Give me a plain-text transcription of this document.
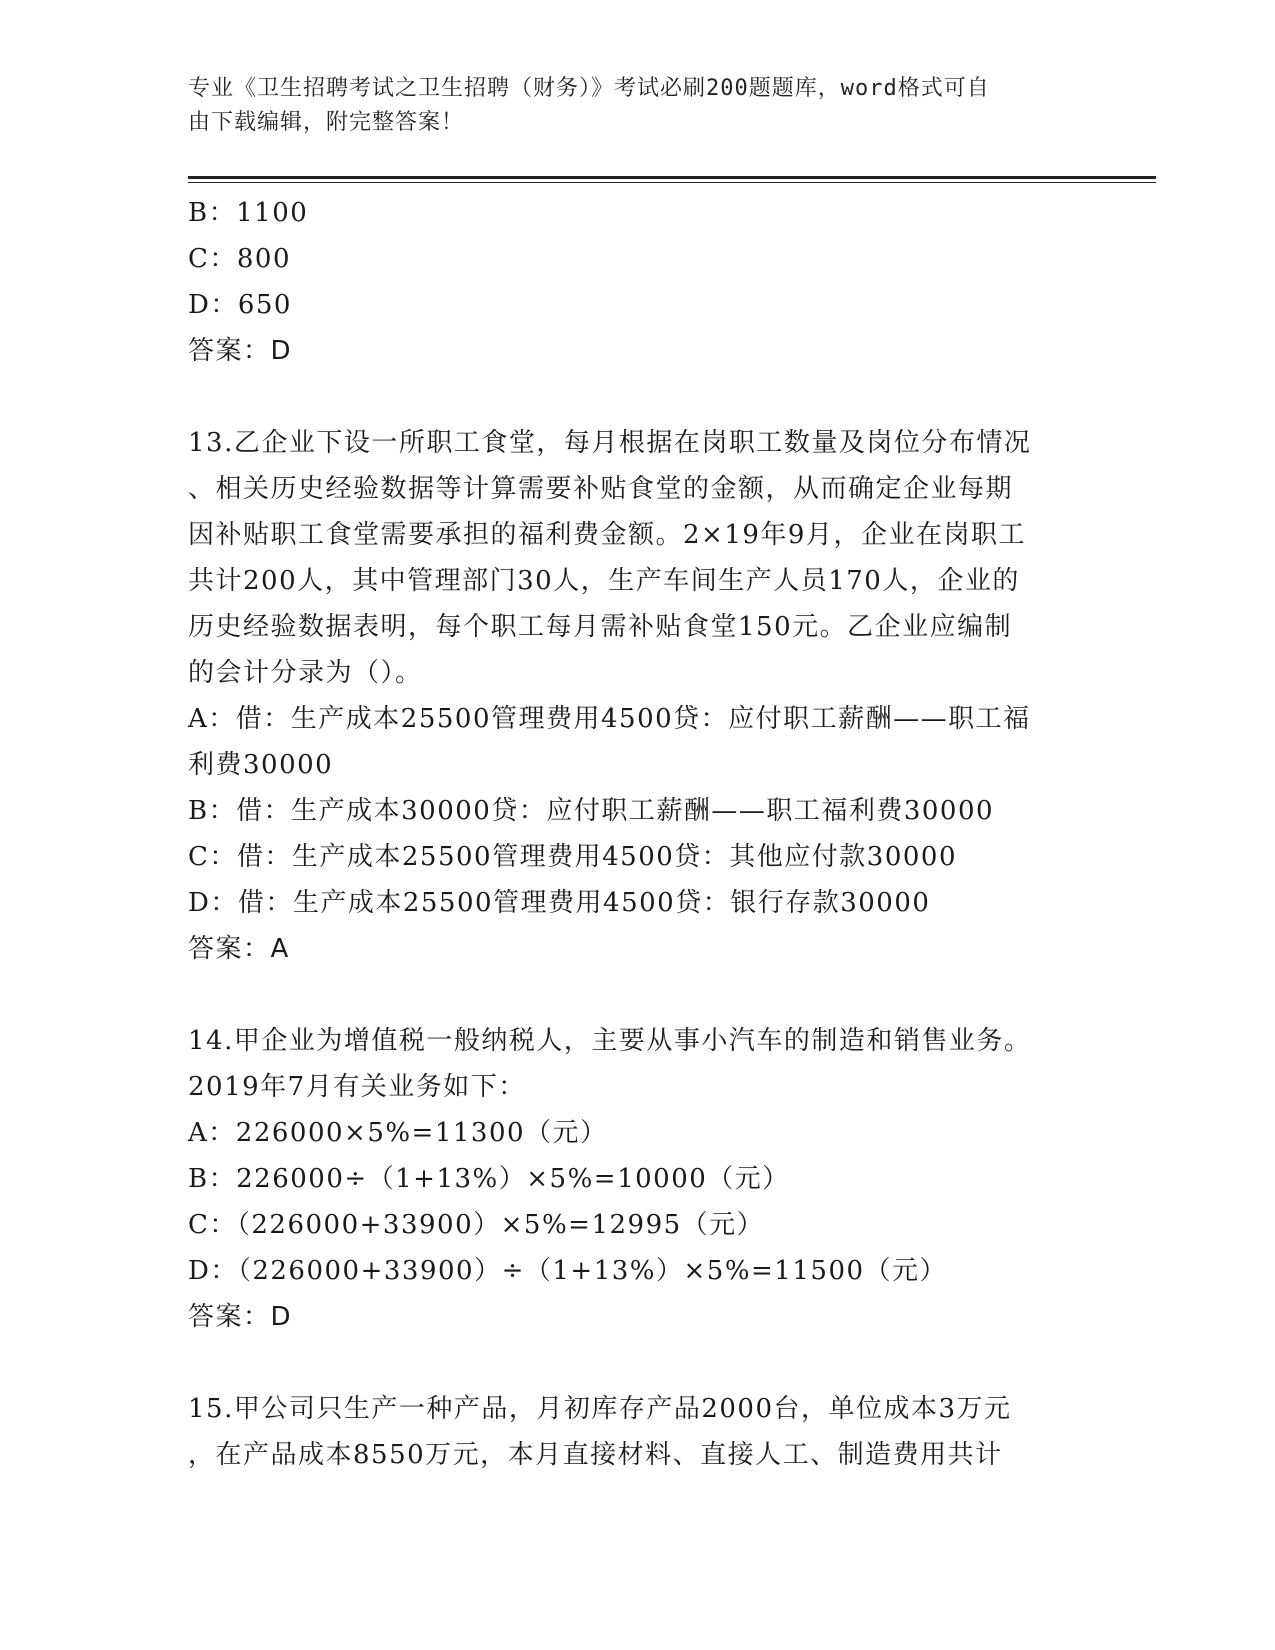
专业《卫生招聘考试之卫生招聘（财务）》考试必刷200题题库，word格式可自
由下载编辑，附完整答案！
B：1100
C：800
D：650
答案：D
13.乙企业下设一所职工食堂，每月根据在岗职工数量及岗位分布情况
、相关历史经验数据等计算需要补贴食堂的金额，从而确定企业每期
因补贴职工食堂需要承担的福利费金额。2×19年9月，企业在岗职工
共计200人，其中管理部门30人，生产车间生产人员170人，企业的
历史经验数据表明，每个职工每月需补贴食堂150元。乙企业应编制
的会计分录为（）。
A：借：生产成本25500管理费用4500贷：应付职工薪酬——职工福
利费30000
B：借：生产成本30000贷：应付职工薪酬——职工福利费30000
C：借：生产成本25500管理费用4500贷：其他应付款30000
D：借：生产成本25500管理费用4500贷：银行存款30000
答案：A
14.甲企业为增值税一般纳税人，主要从事小汽车的制造和销售业务。
2019年7月有关业务如下：
A：226000×5%=11300（元）
B：226000÷（1+13%）×5%=10000（元）
C：（226000+33900）×5%=12995（元）
D：（226000+33900）÷（1+13%）×5%=11500（元）
答案：D
15.甲公司只生产一种产品，月初库存产品2000台，单位成本3万元
，在产品成本8550万元，本月直接材料、直接人工、制造费用共计
